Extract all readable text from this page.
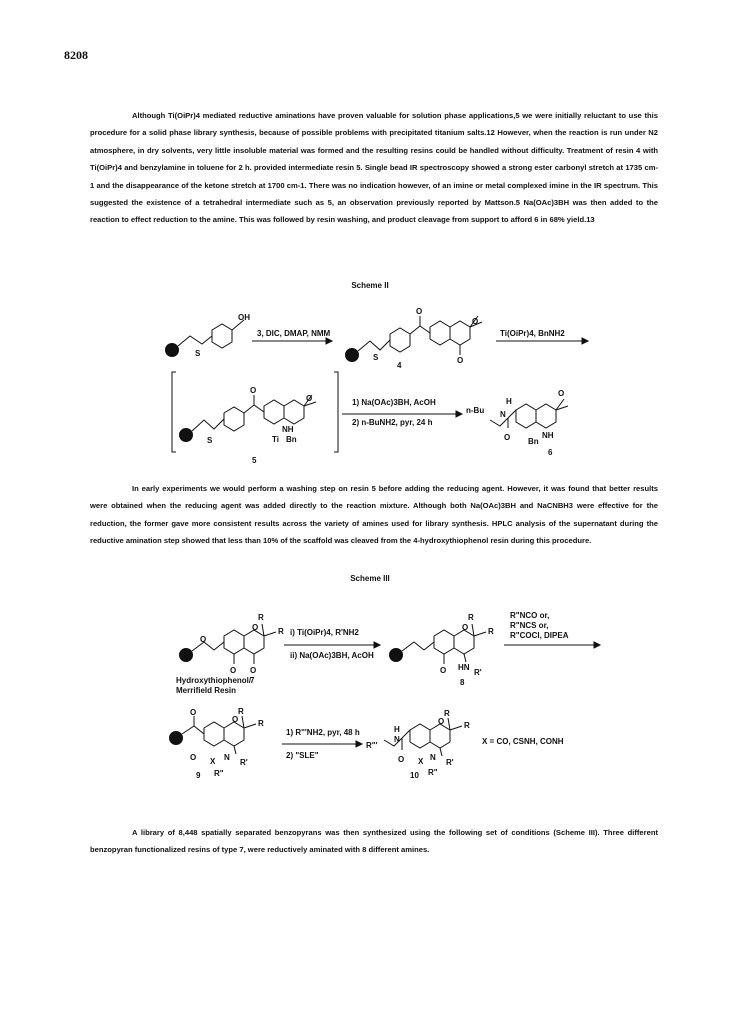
8208

Although Ti(OiPr)4 mediated reductive aminations have proven valuable for solution phase applications,5 we were initially reluctant to use this procedure for a solid phase library synthesis, because of possible problems with precipitated titanium salts.12 However, when the reaction is run under N2 atmosphere, in dry solvents, very little insoluble material was formed and the resulting resins could be handled without difficulty. Treatment of resin 4 with Ti(OiPr)4 and benzylamine in toluene for 2 h. provided intermediate resin 5. Single bead IR spectroscopy showed a strong ester carbonyl stretch at 1735 cm-1 and the disappearance of the ketone stretch at 1700 cm-1. There was no indication however, of an imine or metal complexed imine in the IR spectrum. This suggested the existence of a tetrahedral intermediate such as 5, an observation previously reported by Mattson.5 Na(OAc)3BH was then added to the reaction to effect reduction to the amine. This was followed by resin washing, and product cleavage from support to afford 6 in 68% yield.13

Scheme II
OH
S
3, DIC, DMAP, NMM
O
O
O
S
4
Ti(OiPr)4, BnNH2
O
O
S
NH
Ti Bn
5
1) Na(OAc)3BH, AcOH
2) n-BuNH2, pyr, 24 h
n-Bu N
H
O
O
NH
Bn
6

In early experiments we would perform a washing step on resin 5 before adding the reducing agent. However, it was found that better results were obtained when the reducing agent was added directly to the reaction mixture. Although both Na(OAc)3BH and NaCNBH3 were effective for the reduction, the former gave more consistent results across the variety of amines used for library synthesis. HPLC analysis of the supernatant during the reductive amination step showed that less than 10% of the scaffold was cleaved from the 4-hydroxythiophenol resin during this procedure.

Scheme III
R
O R
O
O O
i) Ti(OiPr)4, R'NH2
ii) Na(OAc)3BH, AcOH
Hydroxythiophenol/
Merrifield Resin
7
R
O R
O HN
R'
8
R"NCO or,
R"NCS or,
R"COCl, DIPEA
R
O R
O
O X N
R'
R"
9
1) R"'NH2, pyr, 48 h
2) "SLE"
R"'
N
H
O
R
O R
X N
R'
R"
10
X = CO, CSNH, CONH

A library of 8,448 spatially separated benzopyrans was then synthesized using the following set of conditions (Scheme III). Three different benzopyran functionalized resins of type 7, were reductively aminated with 8 different amines.
